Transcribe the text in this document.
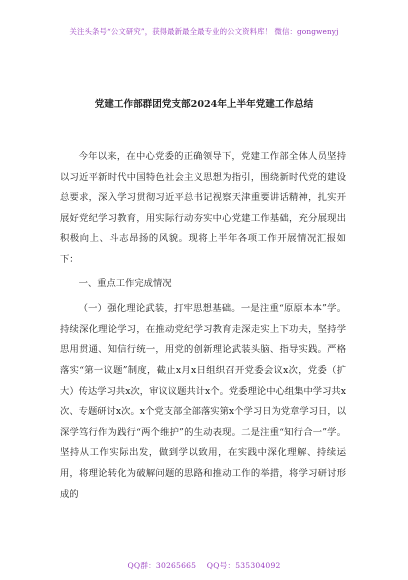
关注头条号“公文研究”，获得最新最全最专业的公文资料库！ 微信：gongwenyj
党建工作部群团党支部2024年上半年党建工作总结

今年以来，在中心党委的正确领导下，党建工作部全体人员坚持以习近平新时代中国特色社会主义思想为指引，围绕新时代党的建设总要求，深入学习贯彻习近平总书记视察天津重要讲话精神，扎实开展好党纪学习教育，用实际行动夯实中心党建工作基础，充分展现出积极向上、斗志昂扬的风貌。现将上半年各项工作开展情况汇报如下：

一、重点工作完成情况

（一）强化理论武装，打牢思想基础。一是注重“原原本本”学。持续深化理论学习，在推动党纪学习教育走深走实上下功夫，坚持学思用贯通、知信行统一，用党的创新理论武装头脑、指导实践。严格落实“第一议题”制度，截止x月x日组织召开党委会议x次，党委（扩大）传达学习共x次，审议议题共计x个。党委理论中心组集中学习共x次、专题研讨x次。x个党支部全部落实第x个学习日为党章学习日，以深学笃行作为践行“两个维护”的生动表现。二是注重“知行合一”学。坚持从工作实际出发，做到学以致用，在实践中深化理解、持续运用，将理论转化为破解问题的思路和推动工作的举措，将学习研讨形成的

QQ群：30265665 QQ号：535304092
